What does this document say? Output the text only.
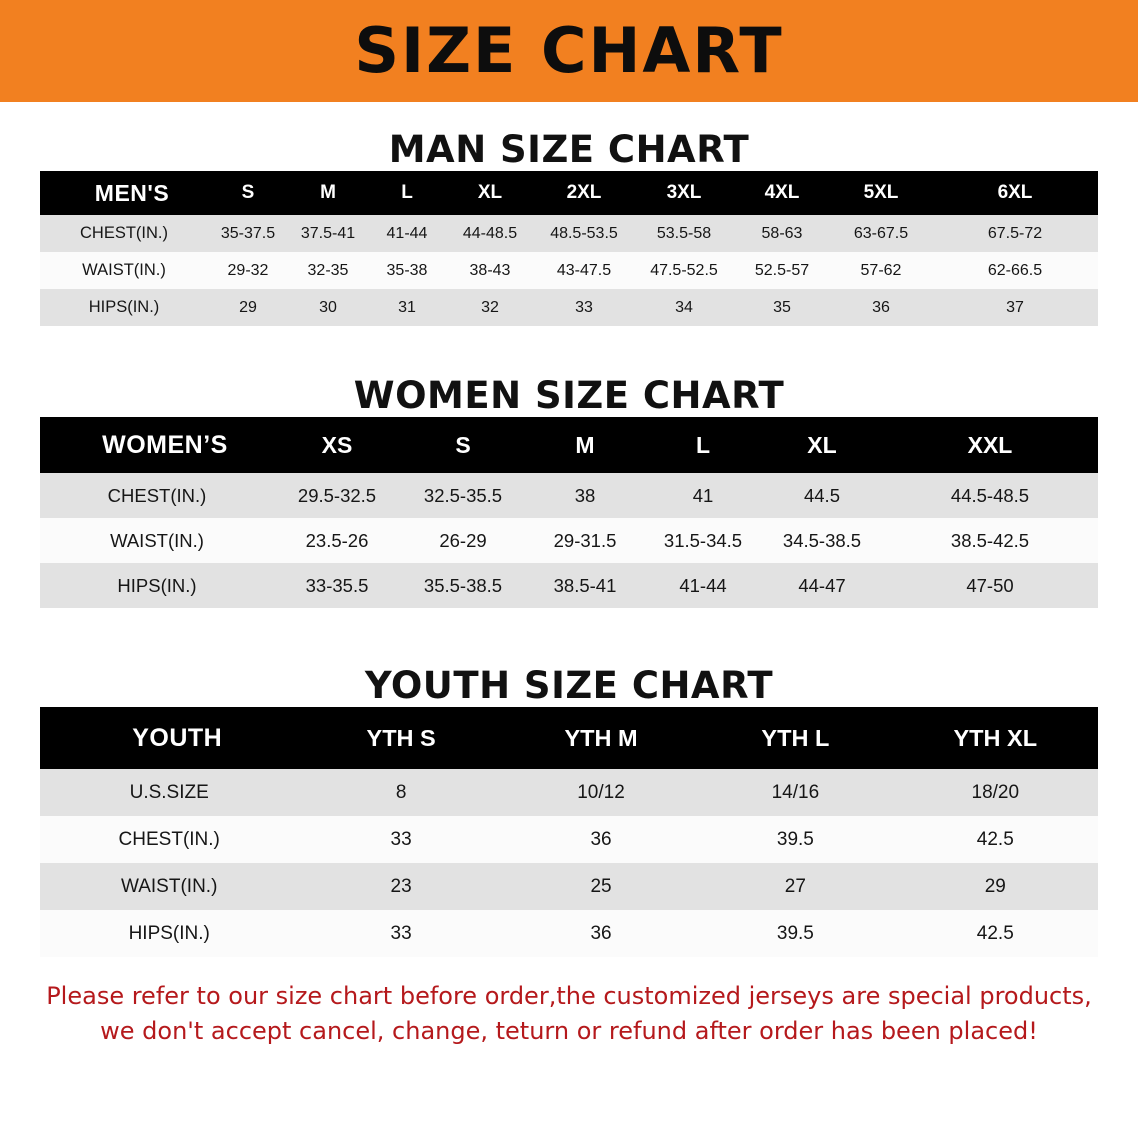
SIZE CHART
MAN SIZE CHART
MEN'S	S	M	L	XL	2XL	3XL	4XL	5XL	6XL
CHEST(IN.)	35-37.5	37.5-41	41-44	44-48.5	48.5-53.5	53.5-58	58-63	63-67.5	67.5-72
WAIST(IN.)	29-32	32-35	35-38	38-43	43-47.5	47.5-52.5	52.5-57	57-62	62-66.5
HIPS(IN.)	29	30	31	32	33	34	35	36	37
WOMEN SIZE CHART
WOMEN’S	XS	S	M	L	XL	XXL
CHEST(IN.)	29.5-32.5	32.5-35.5	38	41	44.5	44.5-48.5
WAIST(IN.)	23.5-26	26-29	29-31.5	31.5-34.5	34.5-38.5	38.5-42.5
HIPS(IN.)	33-35.5	35.5-38.5	38.5-41	41-44	44-47	47-50
YOUTH SIZE CHART
YOUTH	YTH S	YTH M	YTH L	YTH XL
U.S.SIZE	8	10/12	14/16	18/20
CHEST(IN.)	33	36	39.5	42.5
WAIST(IN.)	23	25	27	29
HIPS(IN.)	33	36	39.5	42.5
Please refer to our size chart before order,the customized jerseys are special products,
we don't accept cancel, change, teturn or refund after order has been placed!
